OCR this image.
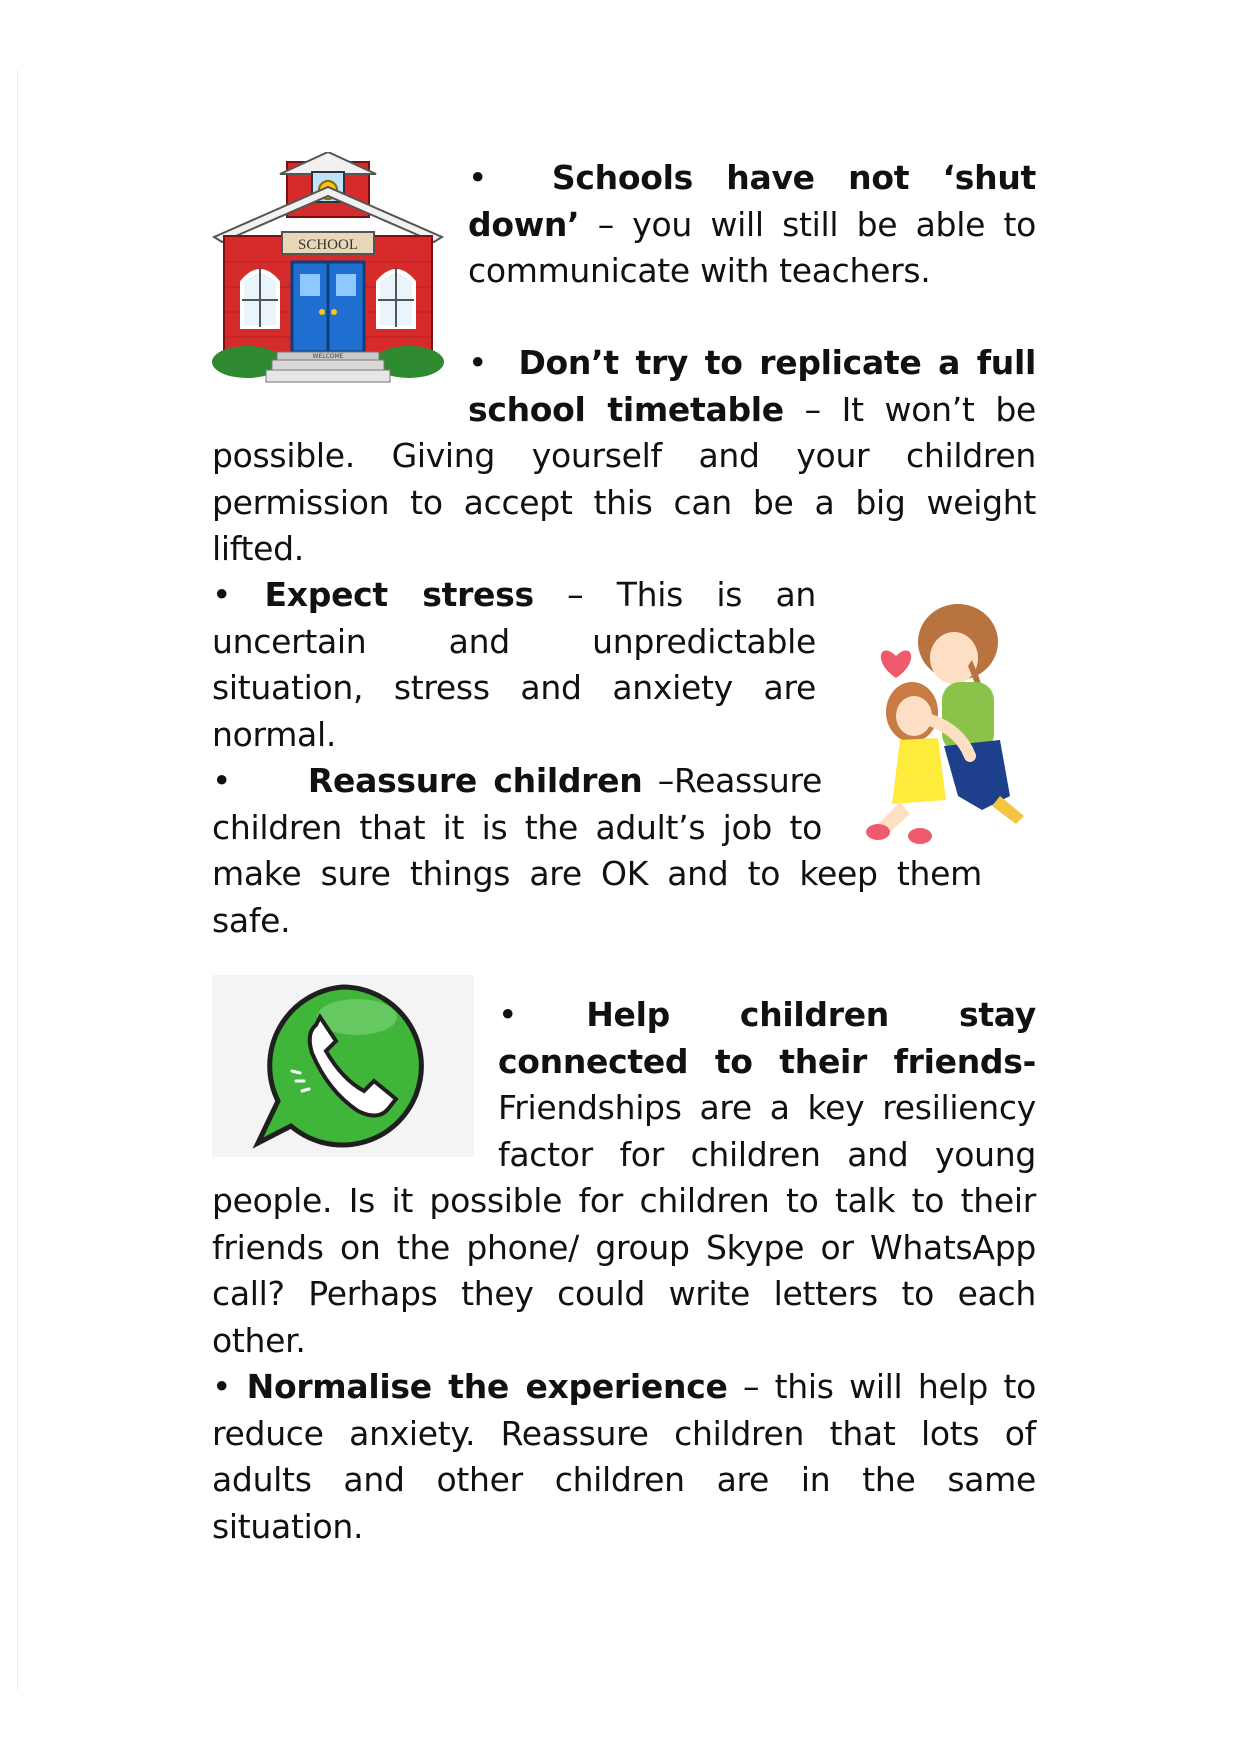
SCHOOL
WELCOME

• Schools have not ‘shut down’ – you will still be able to communicate with teachers.

• Don’t try to replicate a full school timetable – It won’t be possible. Giving yourself and your children permission to accept this can be a big weight lifted.

• Expect stress – This is an uncertain and unpredictable situation, stress and anxiety are normal.

• Reassure children –Reassure children that it is the adult’s job to make sure things are OK and to keep them safe.
• Help children stay connected to their friends- Friendships are a key resiliency factor for children and young people. Is it possible for children to talk to their friends on the phone/ group Skype or WhatsApp call? Perhaps they could write letters to each other.

• Normalise the experience – this will help to reduce anxiety. Reassure children that lots of adults and other children are in the same situation.
